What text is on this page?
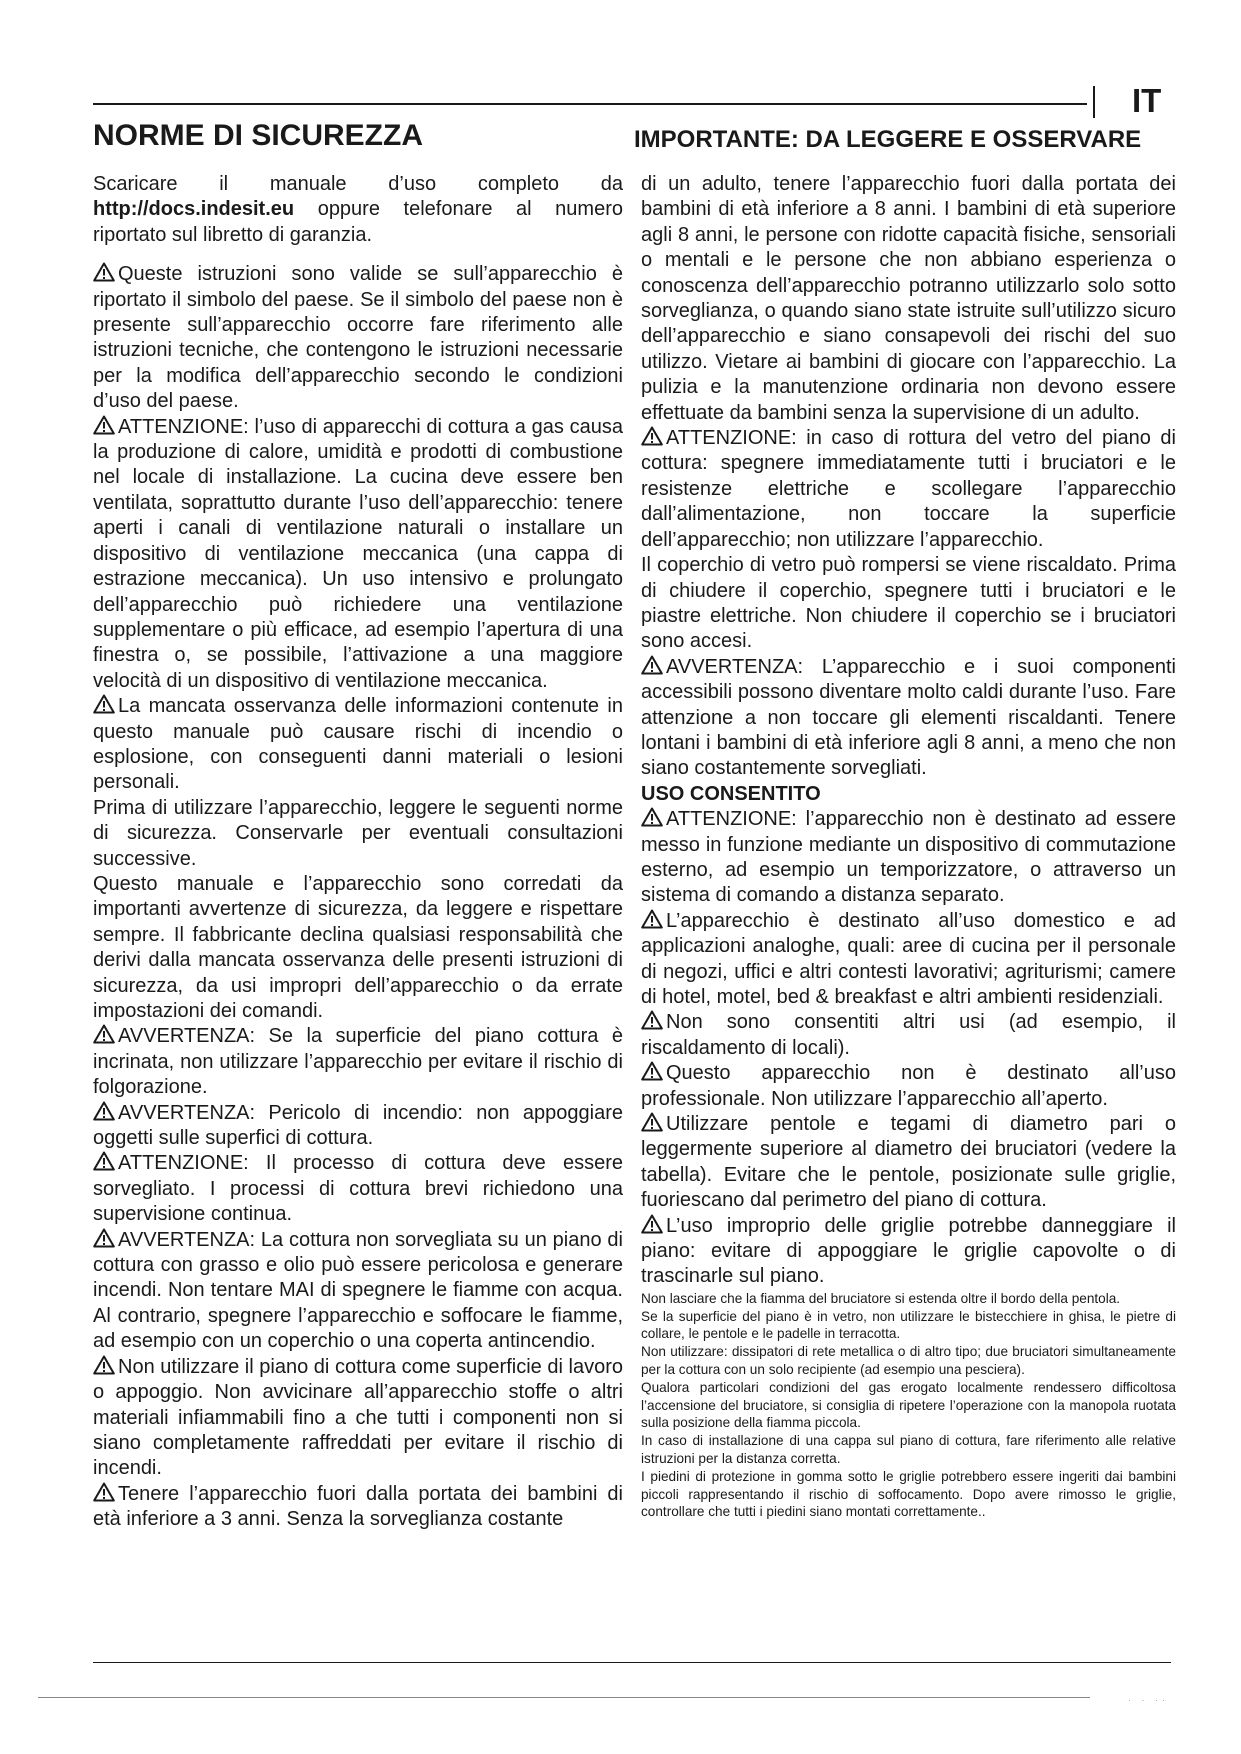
IT
NORME DI SICUREZZA	IMPORTANTE: DA LEGGERE E OSSERVARE

Scaricare il manuale d’uso completo da http://docs.indesit.eu oppure telefonare al numero riportato sul libretto di garanzia.

Queste istruzioni sono valide se sull’apparecchio è riportato il simbolo del paese. Se il simbolo del paese non è presente sull’apparecchio occorre fare riferimento alle istruzioni tecniche, che contengono le istruzioni necessarie per la modifica dell’apparecchio secondo le condizioni d’uso del paese.

ATTENZIONE: l’uso di apparecchi di cottura a gas causa la produzione di calore, umidità e prodotti di combustione nel locale di installazione. La cucina deve essere ben ventilata, soprattutto durante l’uso dell’apparecchio: tenere aperti i canali di ventilazione naturali o installare un dispositivo di ventilazione meccanica (una cappa di estrazione meccanica). Un uso intensivo e prolungato dell’apparecchio può richiedere una ventilazione supplementare o più efficace, ad esempio l’apertura di una finestra o, se possibile, l’attivazione a una maggiore velocità di un dispositivo di ventilazione meccanica.

La mancata osservanza delle informazioni contenute in questo manuale può causare rischi di incendio o esplosione, con conseguenti danni materiali o lesioni personali.

Prima di utilizzare l’apparecchio, leggere le seguenti norme di sicurezza. Conservarle per eventuali consultazioni successive.

Questo manuale e l’apparecchio sono corredati da importanti avvertenze di sicurezza, da leggere e rispettare sempre. Il fabbricante declina qualsiasi responsabilità che derivi dalla mancata osservanza delle presenti istruzioni di sicurezza, da usi impropri dell’apparecchio o da errate impostazioni dei comandi.

AVVERTENZA: Se la superficie del piano cottura è incrinata, non utilizzare l’apparecchio per evitare il rischio di folgorazione.

AVVERTENZA: Pericolo di incendio: non appoggiare oggetti sulle superfici di cottura.

ATTENZIONE: Il processo di cottura deve essere sorvegliato. I processi di cottura brevi richiedono una supervisione continua.

AVVERTENZA: La cottura non sorvegliata su un piano di cottura con grasso e olio può essere pericolosa e generare incendi. Non tentare MAI di spegnere le fiamme con acqua. Al contrario, spegnere l’apparecchio e soffocare le fiamme, ad esempio con un coperchio o una coperta antincendio.

Non utilizzare il piano di cottura come superficie di lavoro o appoggio. Non avvicinare all’apparecchio stoffe o altri materiali infiammabili fino a che tutti i componenti non si siano completamente raffreddati per evitare il rischio di incendi.

Tenere l’apparecchio fuori dalla portata dei bambini di età inferiore a 3 anni. Senza la sorveglianza costante

di un adulto, tenere l’apparecchio fuori dalla portata dei bambini di età inferiore a 8 anni. I bambini di età superiore agli 8 anni, le persone con ridotte capacità fisiche, sensoriali o mentali e le persone che non abbiano esperienza o conoscenza dell’apparecchio potranno utilizzarlo solo sotto sorveglianza, o quando siano state istruite sull’utilizzo sicuro dell’apparecchio e siano consapevoli dei rischi del suo utilizzo. Vietare ai bambini di giocare con l’apparecchio. La pulizia e la manutenzione ordinaria non devono essere effettuate da bambini senza la supervisione di un adulto.

ATTENZIONE: in caso di rottura del vetro del piano di cottura: spegnere immediatamente tutti i bruciatori e le resistenze elettriche e scollegare l’apparecchio dall’alimentazione, non toccare la superficie dell’apparecchio; non utilizzare l’apparecchio.

Il coperchio di vetro può rompersi se viene riscaldato. Prima di chiudere il coperchio, spegnere tutti i bruciatori e le piastre elettriche. Non chiudere il coperchio se i bruciatori sono accesi.

AVVERTENZA: L’apparecchio e i suoi componenti accessibili possono diventare molto caldi durante l’uso. Fare attenzione a non toccare gli elementi riscaldanti. Tenere lontani i bambini di età inferiore agli 8 anni, a meno che non siano costantemente sorvegliati.

USO CONSENTITO

ATTENZIONE: l’apparecchio non è destinato ad essere messo in funzione mediante un dispositivo di commutazione esterno, ad esempio un temporizzatore, o attraverso un sistema di comando a distanza separato.

L’apparecchio è destinato all’uso domestico e ad applicazioni analoghe, quali: aree di cucina per il personale di negozi, uffici e altri contesti lavorativi; agriturismi; camere di hotel, motel, bed & breakfast e altri ambienti residenziali.

Non sono consentiti altri usi (ad esempio, il riscaldamento di locali).

Questo apparecchio non è destinato all’uso professionale. Non utilizzare l’apparecchio all’aperto.

Utilizzare pentole e tegami di diametro pari o leggermente superiore al diametro dei bruciatori (vedere la tabella). Evitare che le pentole, posizionate sulle griglie, fuoriescano dal perimetro del piano di cottura.

L’uso improprio delle griglie potrebbe danneggiare il piano: evitare di appoggiare le griglie capovolte o di trascinarle sul piano.

Non lasciare che la fiamma del bruciatore si estenda oltre il bordo della pentola.

Se la superficie del piano è in vetro, non utilizzare le bistecchiere in ghisa, le pietre di collare, le pentole e le padelle in terracotta.

Non utilizzare: dissipatori di rete metallica o di altro tipo; due bruciatori simultaneamente per la cottura con un solo recipiente (ad esempio una pesciera).

Qualora particolari condizioni del gas erogato localmente rendessero difficoltosa l’accensione del bruciatore, si consiglia di ripetere l’operazione con la manopola ruotata sulla posizione della fiamma piccola.

In caso di installazione di una cappa sul piano di cottura, fare riferimento alle relative istruzioni per la distanza corretta.

I piedini di protezione in gomma sotto le griglie potrebbero essere ingeriti dai bambini piccoli rappresentando il rischio di soffocamento. Dopo avere rimosso le griglie, controllare che tutti i piedini siano montati correttamente..

· · ··
